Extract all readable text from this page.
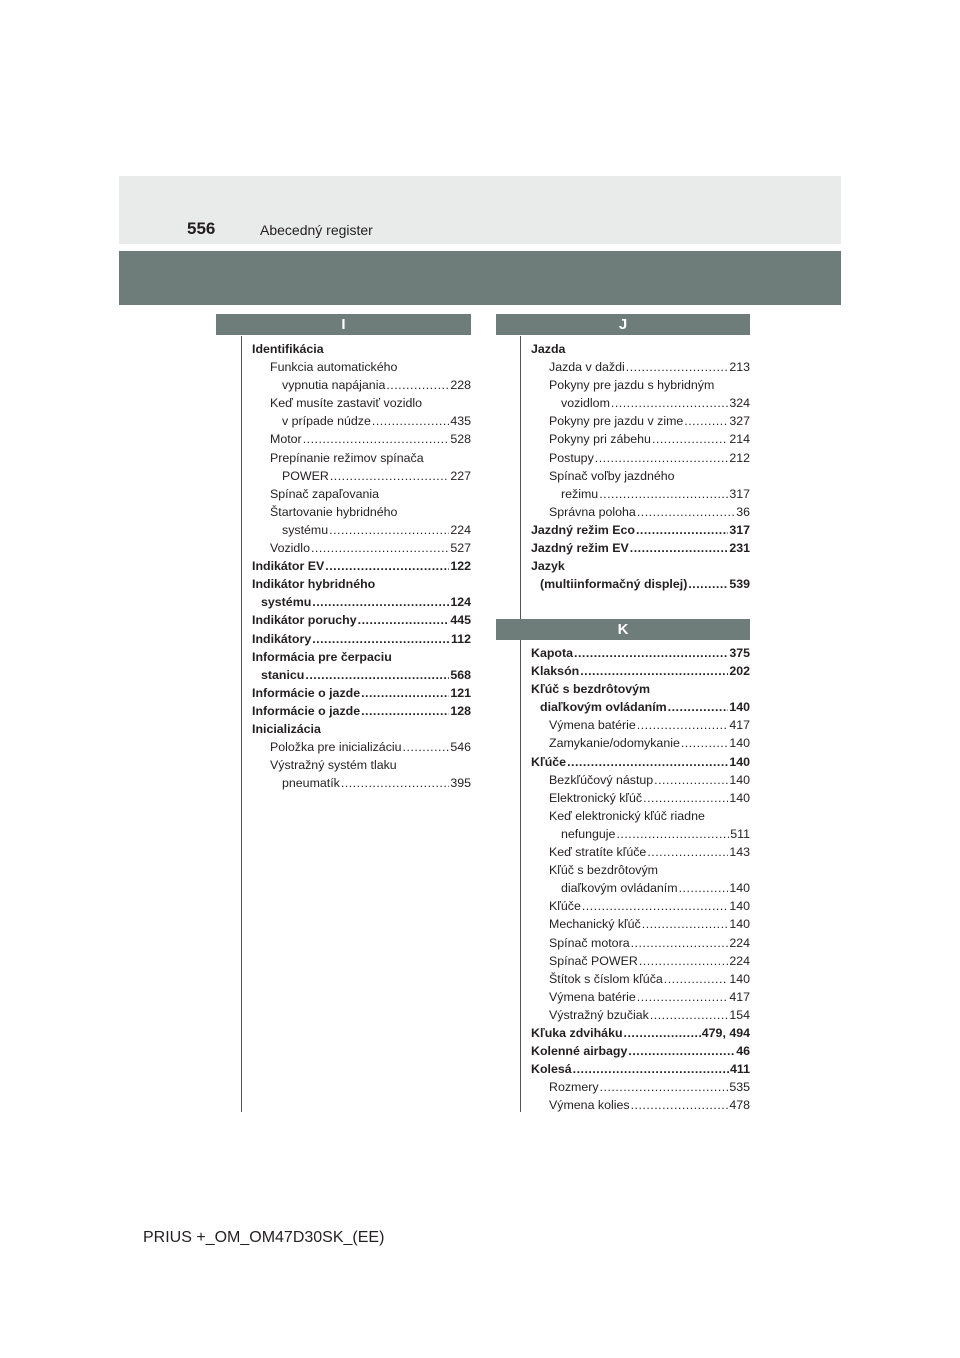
556	Abecedný register
I	J
K
Identifikácia
Funkcia automatického
vypnutia napájania .....	228
Keď musíte zastaviť vozidlo
v prípade núdze .....	435
Motor .....	528
Prepínanie režimov spínača
POWER .....	227
Spínač zapaľovania
Štartovanie hybridného
systému .....	224
Vozidlo .....	527
Indikátor EV .....	122
Indikátor hybridného
systému .....	124
Indikátor poruchy .....	445
Indikátory .....	112
Informácia pre čerpaciu
stanicu .....	568
Informácie o jazde .....	121
Informácie o jazde .....	128
Inicializácia
Položka pre inicializáciu .....	546
Výstražný systém tlaku
pneumatík .....	395
Jazda
Jazda v daždi .....	213
Pokyny pre jazdu s hybridným
vozidlom .....	324
Pokyny pre jazdu v zime .....	327
Pokyny pri zábehu .....	214
Postupy .....	212
Spínač voľby jazdného
režimu .....	317
Správna poloha .....	36
Jazdný režim Eco .....	317
Jazdný režim EV .....	231
Jazyk
(multiinformačný displej) .....	539
Kapota .....	375
Klaksón .....	202
Kľúč s bezdrôtovým
diaľkovým ovládaním .....	140
Výmena batérie .....	417
Zamykanie/odomykanie .....	140
Kľúče .....	140
Bezkľúčový nástup .....	140
Elektronický kľúč .....	140
Keď elektronický kľúč riadne
nefunguje .....	511
Keď stratíte kľúče .....	143
Kľúč s bezdrôtovým
diaľkovým ovládaním .....	140
Kľúče .....	140
Mechanický kľúč .....	140
Spínač motora .....	224
Spínač POWER .....	224
Štítok s číslom kľúča .....	140
Výmena batérie .....	417
Výstražný bzučiak .....	154
Kľuka zdviháku .....	479, 494
Kolenné airbagy .....	46
Kolesá .....	411
Rozmery .....	535
Výmena kolies .....	478
PRIUS +_OM_OM47D30SK_(EE)
